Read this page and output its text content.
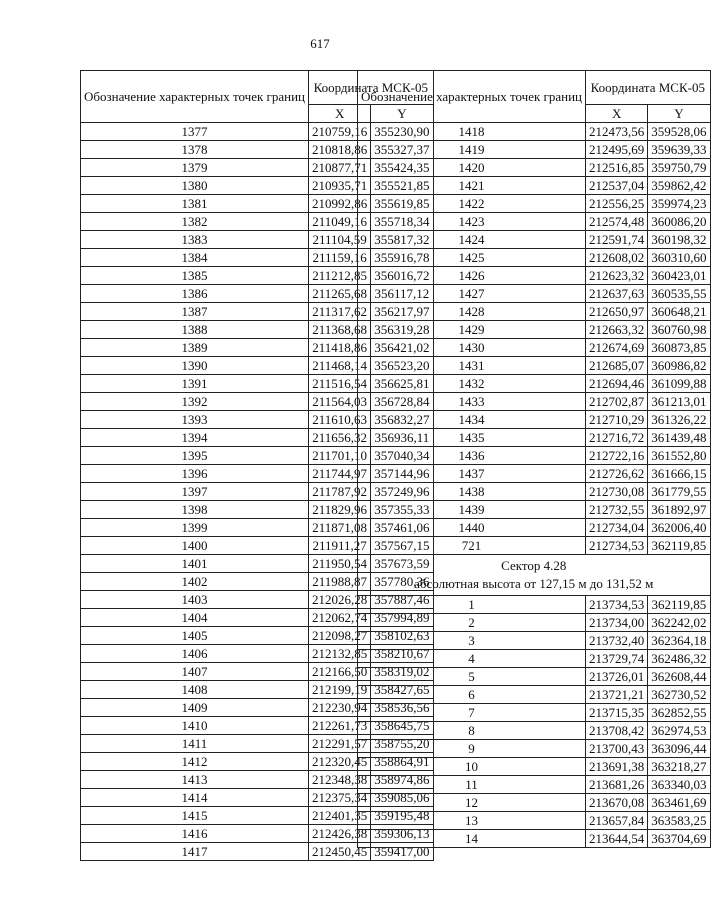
617
Обозначение характерных точек границ	Координата МСК-05	
	X	Y
1377	210759,16	355230,90
1378	210818,86	355327,37
1379	210877,71	355424,35
1380	210935,71	355521,85
1381	210992,86	355619,85
1382	211049,16	355718,34
1383	211104,59	355817,32
1384	211159,16	355916,78
1385	211212,85	356016,72
1386	211265,68	356117,12
1387	211317,62	356217,97
1388	211368,68	356319,28
1389	211418,86	356421,02
1390	211468,14	356523,20
1391	211516,54	356625,81
1392	211564,03	356728,84
1393	211610,63	356832,27
1394	211656,32	356936,11
1395	211701,10	357040,34
1396	211744,97	357144,96
1397	211787,92	357249,96
1398	211829,96	357355,33
1399	211871,08	357461,06
1400	211911,27	357567,15
1401	211950,54	357673,59
1402	211988,87	357780,36
1403	212026,28	357887,46
1404	212062,74	357994,89
1405	212098,27	358102,63
1406	212132,85	358210,67
1407	212166,50	358319,02
1408	212199,19	358427,65
1409	212230,94	358536,56
1410	212261,73	358645,75
1411	212291,57	358755,20
1412	212320,45	358864,91
1413	212348,38	358974,86
1414	212375,34	359085,06
1415	212401,35	359195,48
1416	212426,38	359306,13
1417	212450,45	359417,00
Обозначение характерных точек границ	Координата МСК-05	
	X	Y
1418	212473,56	359528,06
1419	212495,69	359639,33
1420	212516,85	359750,79
1421	212537,04	359862,42
1422	212556,25	359974,23
1423	212574,48	360086,20
1424	212591,74	360198,32
1425	212608,02	360310,60
1426	212623,32	360423,01
1427	212637,63	360535,55
1428	212650,97	360648,21
1429	212663,32	360760,98
1430	212674,69	360873,85
1431	212685,07	360986,82
1432	212694,46	361099,88
1433	212702,87	361213,01
1434	212710,29	361326,22
1435	212716,72	361439,48
1436	212722,16	361552,80
1437	212726,62	361666,15
1438	212730,08	361779,55
1439	212732,55	361892,97
1440	212734,04	362006,40
721	212734,53	362119,85

Сектор 4.28
абсолютная высота от 127,15 м до 131,52 м		

1	213734,53	362119,85
2	213734,00	362242,02
3	213732,40	362364,18
4	213729,74	362486,32
5	213726,01	362608,44
6	213721,21	362730,52
7	213715,35	362852,55
8	213708,42	362974,53
9	213700,43	363096,44
10	213691,38	363218,27
11	213681,26	363340,03
12	213670,08	363461,69
13	213657,84	363583,25
14	213644,54	363704,69
